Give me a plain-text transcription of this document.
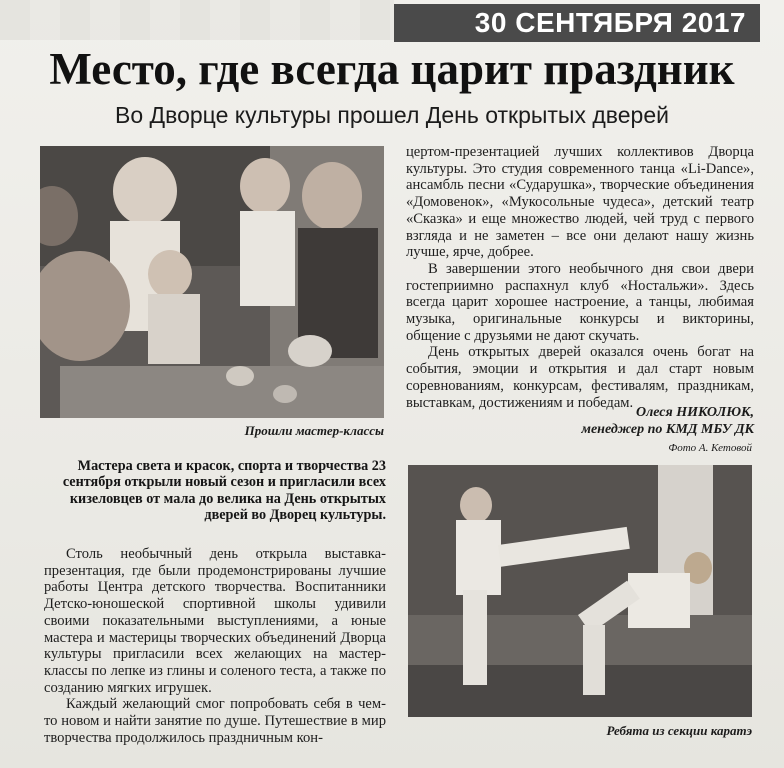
30 СЕНТЯБРЯ 2017
Место, где всегда царит праздник
Во Дворце культуры прошел День открытых дверей
Прошли мастер-классы

цертом-презентацией лучших коллективов Дворца культуры. Это студия современного танца «Li-Dance», ансамбль песни «Сударушка», творческие объединения «Домовенок», «Мукосольные чудеса», детский театр «Сказка» и еще множество людей, чей труд с первого взгляда и не заметен – все они делают нашу жизнь лучше, ярче, добрее.

В завершении этого необычного дня свои двери гостеприимно распахнул клуб «Ностальжи». Здесь всегда царит хорошее настроение, а танцы, любимая музыка, оригинальные конкурсы и викторины, общение с друзьями не дают скучать.

День открытых дверей оказался очень богат на события, эмоции и открытия и дал старт новым соревнованиям, конкурсам, фестивалям, праздникам, выставкам, достижениям и победам.

Олеся НИКОЛЮК,
менеджер по КМД МБУ ДК
Фото А. Кетовой
Мастера света и красок, спорта и творчества 23 сентября открыли новый сезон и пригласили всех кизеловцев от мала до велика на День открытых дверей во Дворец культуры.

Столь необычный день открыла выставка-презентация, где были продемонстрированы лучшие работы Центра детского творчества. Воспитанники Детско-юношеской спортивной школы удивили своими показательными выступлениями, а юные мастера и мастерицы творческих объединений Дворца культуры пригласили всех желающих на мастер-классы по лепке из глины и соленого теста, а также по созданию мягких игрушек.

Каждый желающий смог попробовать себя в чем-то новом и найти занятие по душе. Путешествие в мир творчества продолжилось праздничным кон-	Ребята из секции каратэ
